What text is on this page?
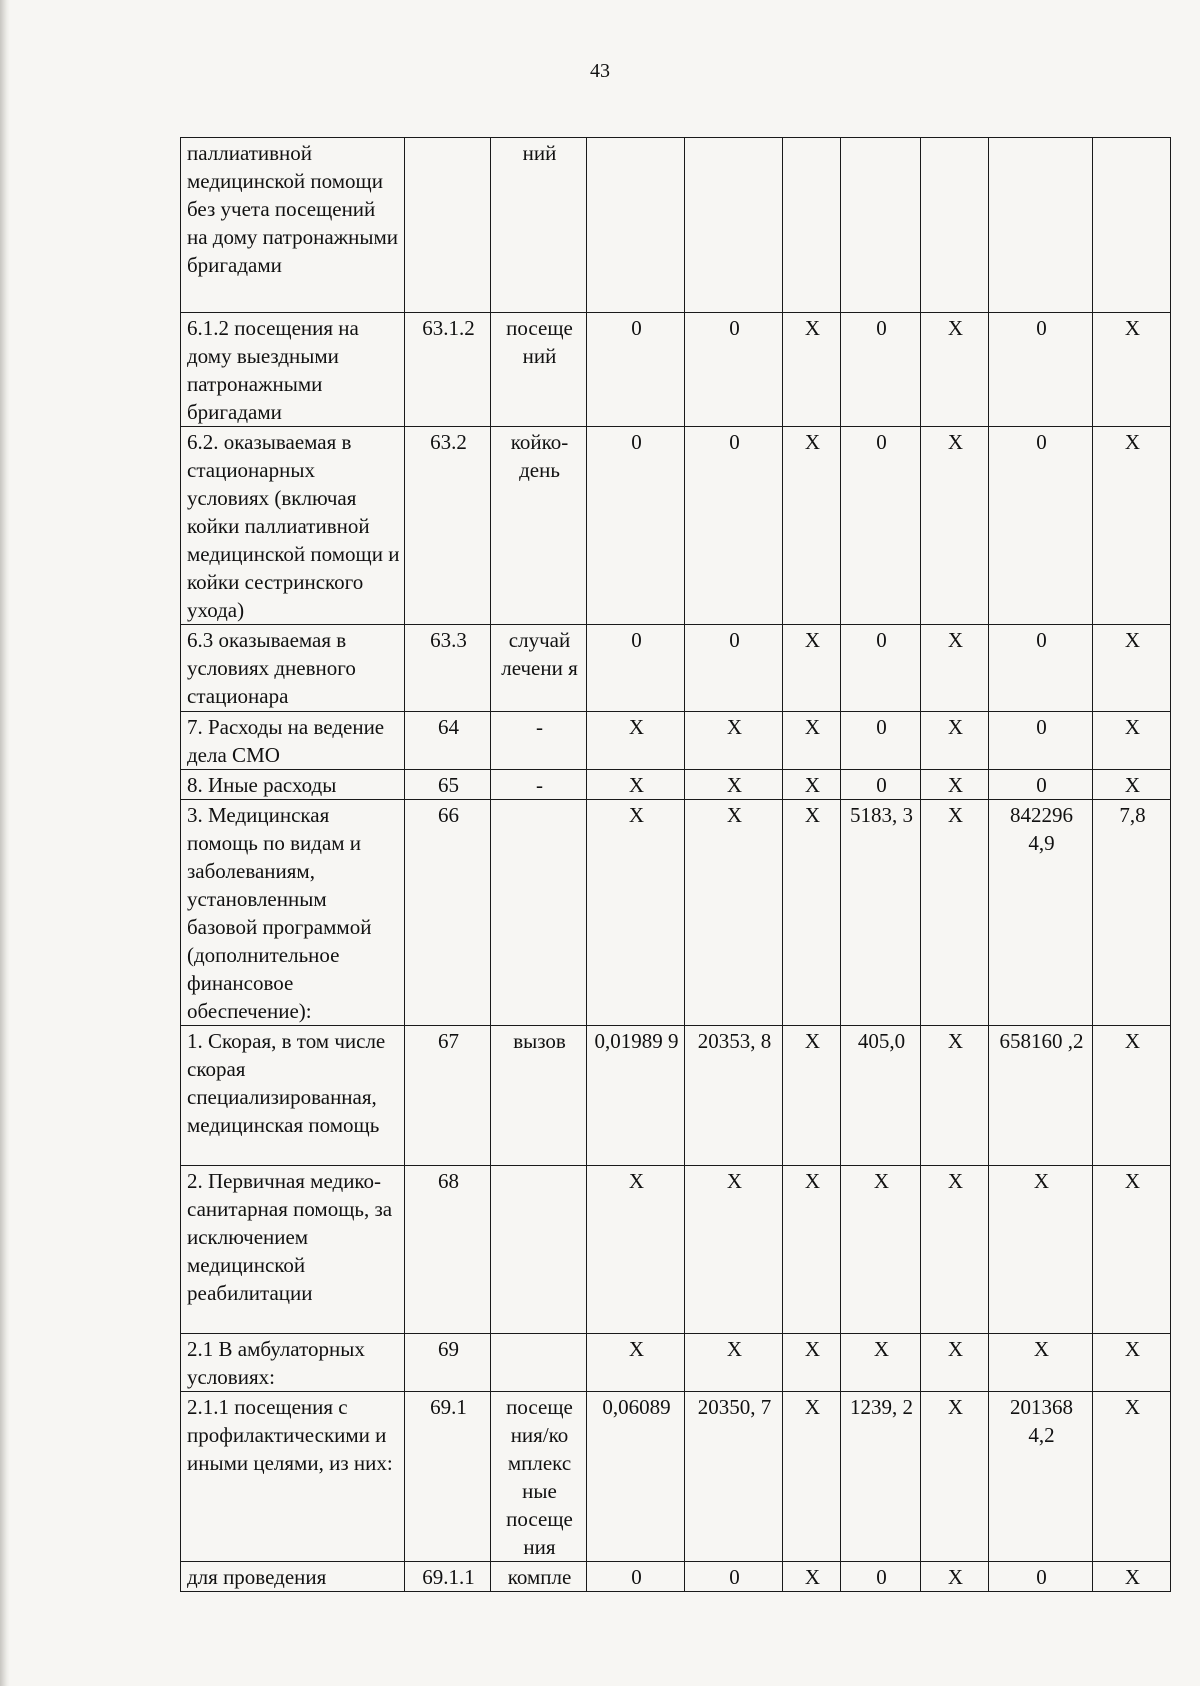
43
паллиативной медицинской помощи без учета посещений на дому патронажными бригадами		ний							
6.1.2 посещения на дому выездными патронажными бригадами	63.1.2	посеще ний	0	0	X	0	X	0	X
6.2. оказываемая в стационарных условиях (включая койки паллиативной медицинской помощи и койки сестринского ухода)	63.2	койко-день	0	0	X	0	X	0	X
6.3 оказываемая в условиях дневного стационара	63.3	случай лечени я	0	0	X	0	X	0	X
7. Расходы на ведение дела СМО	64	-	X	X	X	0	X	0	X
8. Иные расходы	65	-	X	X	X	0	X	0	X
3. Медицинская помощь по видам и заболеваниям, установленным базовой программой (дополнительное финансовое обеспечение):	66		X	X	X	5183, 3	X	842296 4,9	7,8
1. Скорая, в том числе скорая специализированная, медицинская помощь	67	вызов	0,01989 9	20353, 8	X	405,0	X	658160 ,2	X
2. Первичная медико-санитарная помощь, за исключением медицинской реабилитации	68		X	X	X	X	X	X	X
2.1 В амбулаторных условиях:	69		X	X	X	X	X	X	X
2.1.1 посещения с профилактическими и иными целями, из них:	69.1	посеще ния/ко мплекс ные посеще ния	0,06089	20350, 7	X	1239, 2	X	201368 4,2	X
для проведения	69.1.1	компле	0	0	X	0	X	0	X
